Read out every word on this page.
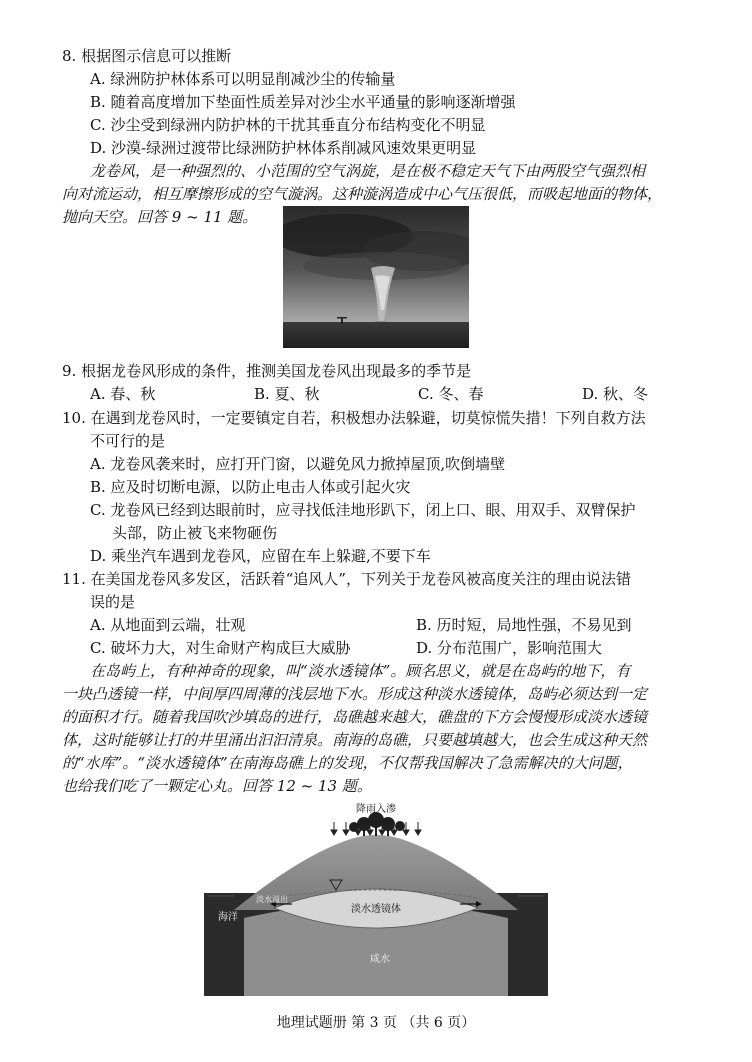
8. 根据图示信息可以推断
A. 绿洲防护林体系可以明显削减沙尘的传输量
B. 随着高度增加下垫面性质差异对沙尘水平通量的影响逐渐增强
C. 沙尘受到绿洲内防护林的干扰其垂直分布结构变化不明显
D. 沙漠-绿洲过渡带比绿洲防护林体系削减风速效果更明显
龙卷风，是一种强烈的、小范围的空气涡旋，是在极不稳定天气下由两股空气强烈相
向对流运动，相互摩擦形成的空气漩涡。这种漩涡造成中心气压很低，而吸起地面的物体，
抛向天空。回答 9 ~ 11 题。
9. 根据龙卷风形成的条件，推测美国龙卷风出现最多的季节是
A. 春、秋	B. 夏、秋	C. 冬、春	D. 秋、冬
10. 在遇到龙卷风时，一定要镇定自若，积极想办法躲避，切莫惊慌失措！下列自救方法
不可行的是
A. 龙卷风袭来时，应打开门窗，以避免风力掀掉屋顶,吹倒墙壁
B. 应及时切断电源，以防止电击人体或引起火灾
C. 龙卷风已经到达眼前时，应寻找低洼地形趴下，闭上口、眼、用双手、双臂保护
头部，防止被飞来物砸伤
D. 乘坐汽车遇到龙卷风，应留在车上躲避,不要下车
11. 在美国龙卷风多发区，活跃着“追风人”，下列关于龙卷风被高度关注的理由说法错
误的是
A. 从地面到云端，壮观	B. 历时短，局地性强，不易见到
C. 破坏力大，对生命财产构成巨大威胁	D. 分布范围广，影响范围大
在岛屿上，有种神奇的现象，叫“淡水透镜体”。顾名思义，就是在岛屿的地下，有
一块凸透镜一样，中间厚四周薄的浅层地下水。形成这种淡水透镜体，岛屿必须达到一定
的面积才行。随着我国吹沙填岛的进行，岛礁越来越大，礁盘的下方会慢慢形成淡水透镜
体，这时能够让打的井里涌出汩汩清泉。南海的岛礁，只要越填越大，也会生成这种天然
的“水库”。“淡水透镜体”在南海岛礁上的发现，不仅帮我国解决了急需解决的大问题，
也给我们吃了一颗定心丸。回答 12 ~ 13 题。
降雨入渗
海洋
淡水溢出
淡水透镜体
咸水
地理试题册 第 3 页 （共 6 页）
